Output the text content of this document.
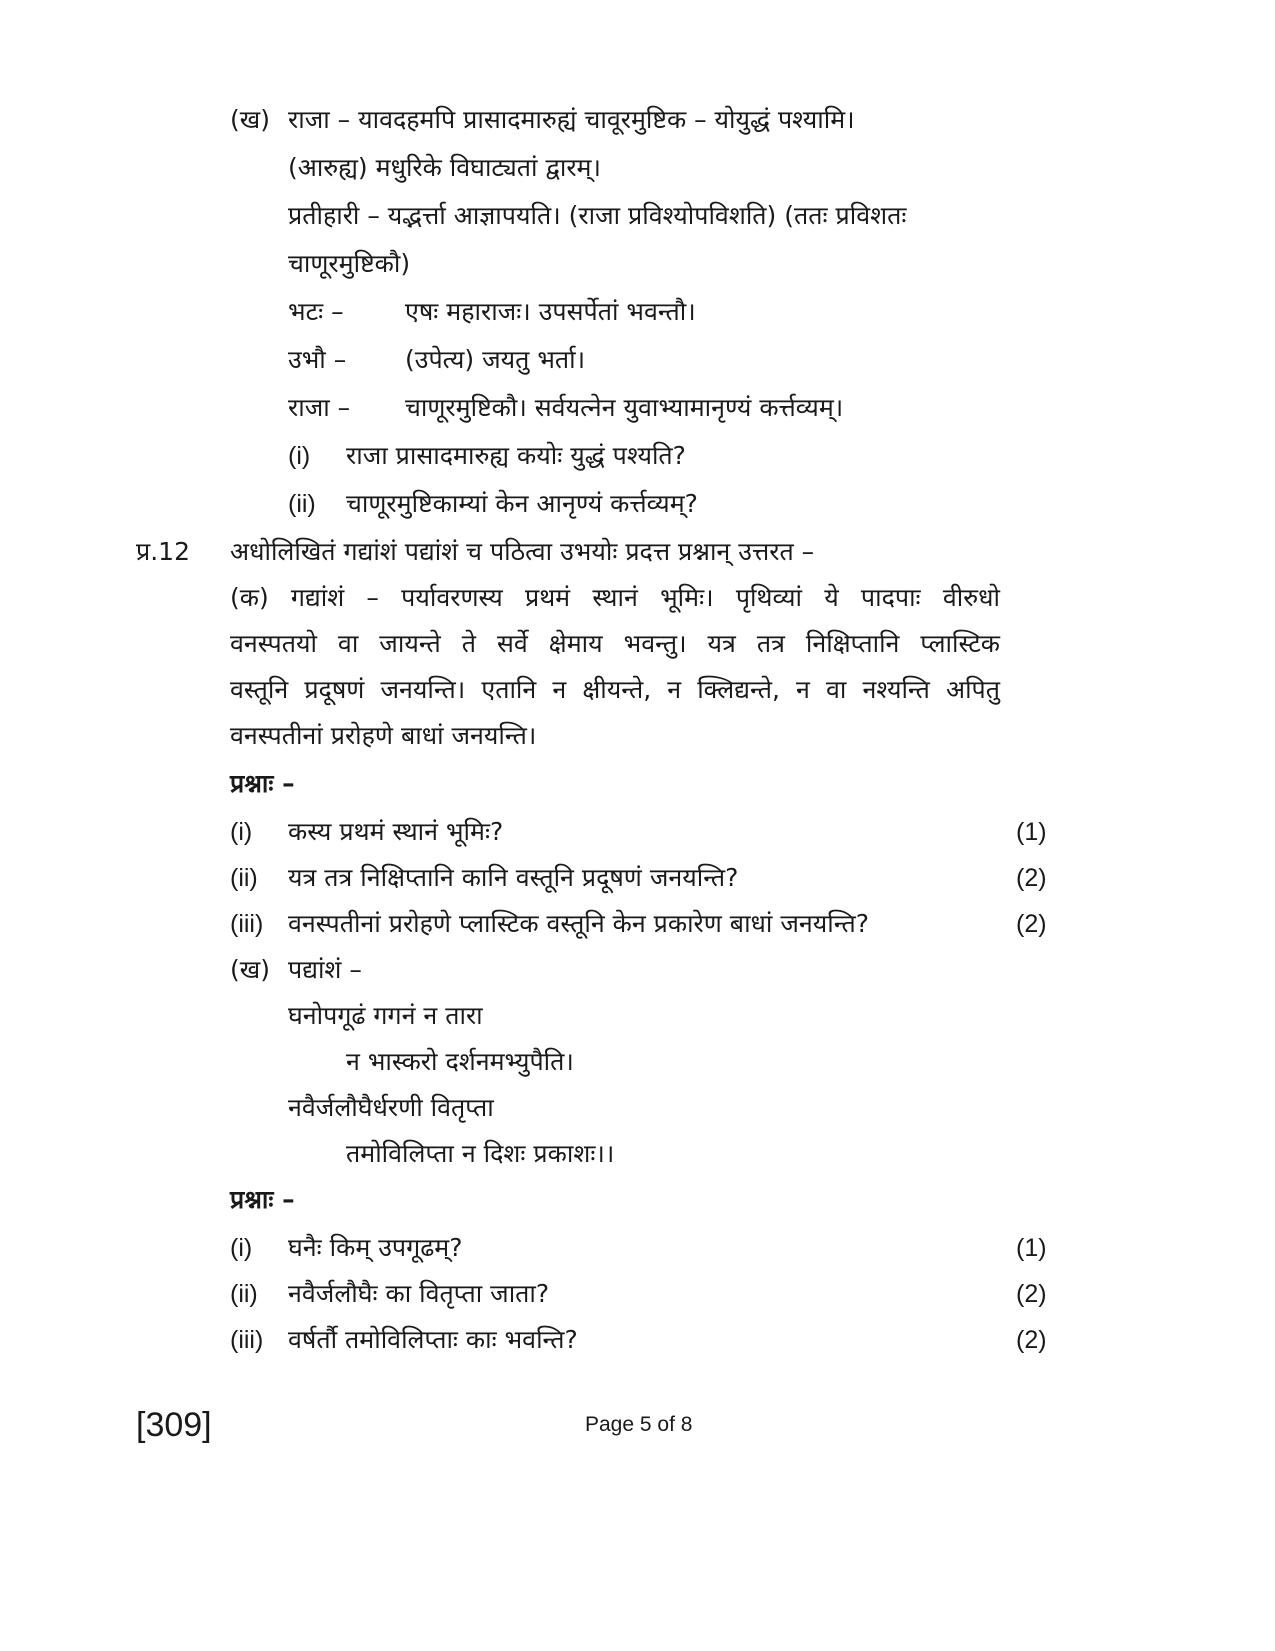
(ख) राजा – यावदहमपि प्रासादमारुह्यं चावूरमुष्टिक – योयुद्धं पश्यामि।
(आरुह्य) मधुरिके विघाट्यतां द्वारम्।
प्रतीहारी – यद्भर्त्ता आज्ञापयति। (राजा प्रविश्योपविशति) (ततः प्रविशतः
चाणूरमुष्टिकौ)
भटः – एषः महाराजः। उपसर्पेतां भवन्तौ।
उभौ – (उपेत्य) जयतु भर्ता।
राजा – चाणूरमुष्टिकौ। सर्वयत्नेन युवाभ्यामानृण्यं कर्त्तव्यम्।
(i) राजा प्रासादमारुह्य कयोः युद्धं पश्यति?
(ii) चाणूरमुष्टिकाम्यां केन आनृण्यं कर्त्तव्यम्?
प्र.12 अधोलिखितं गद्यांशं पद्यांशं च पठित्वा उभयोः प्रदत्त प्रश्नान् उत्तरत –
(क) गद्यांशं – पर्यावरणस्य प्रथमं स्थानं भूमिः। पृथिव्यां ये पादपाः वीरुधो
वनस्पतयो वा जायन्ते ते सर्वे क्षेमाय भवन्तु। यत्र तत्र निक्षिप्तानि प्लास्टिक
वस्तूनि प्रदूषणं जनयन्ति। एतानि न क्षीयन्ते, न क्लिद्यन्ते, न वा नश्यन्ति अपितु
वनस्पतीनां प्ररोहणे बाधां जनयन्ति।
प्रश्नाः –
(i) कस्य प्रथमं स्थानं भूमिः?	(1)
(ii) यत्र तत्र निक्षिप्तानि कानि वस्तूनि प्रदूषणं जनयन्ति?	(2)
(iii) वनस्पतीनां प्ररोहणे प्लास्टिक वस्तूनि केन प्रकारेण बाधां जनयन्ति?	(2)
(ख) पद्यांशं –
घनोपगूढं गगनं न तारा
न भास्करो दर्शनमभ्युपैति।
नवैर्जलौघैर्धरणी वितृप्ता
तमोविलिप्ता न दिशः प्रकाशः।।
प्रश्नाः –
(i) घनैः किम् उपगूढम्?	(1)
(ii) नवैर्जलौघैः का वितृप्ता जाता?	(2)
(iii) वर्षर्तौ तमोविलिप्ताः काः भवन्ति?	(2)
[309]	Page 5 of 8
